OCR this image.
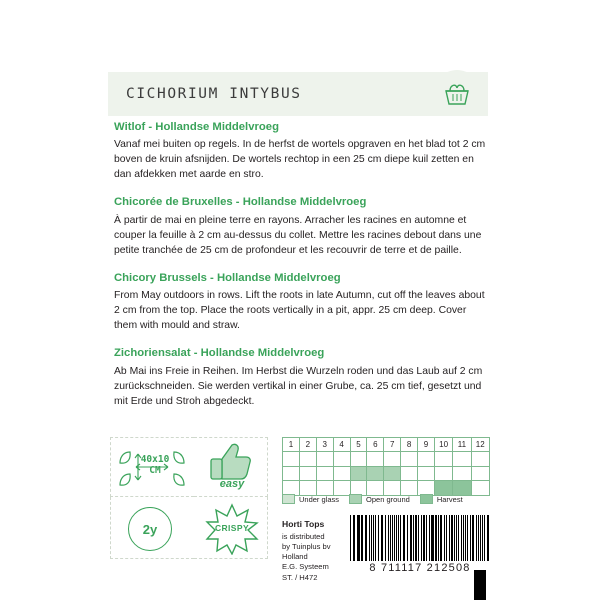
CICHORIUM INTYBUS

Witlof - Hollandse Middelvroeg

Vanaf mei buiten op regels. In de herfst de wortels opgraven en het blad tot 2 cm boven de kruin afsnijden. De wortels rechtop in een 25 cm diepe kuil zetten en dan afdekken met aarde en stro.

Chicorée de Bruxelles - Hollandse Middelvroeg

À partir de mai en pleine terre en rayons. Arracher les racines en automne et couper la feuille à 2 cm au-dessus du collet. Mettre les racines debout dans une petite tranchée de 25 cm de profondeur et les recouvrir de terre et de paille.

Chicory Brussels - Hollandse Middelvroeg

From May outdoors in rows. Lift the roots in late Autumn, cut off the leaves about 2 cm from the top. Place the roots vertically in a pit, appr. 25 cm deep. Cover them with mould and straw.

Zichoriensalat - Hollandse Middelvroeg

Ab Mai ins Freie in Reihen. Im Herbst die Wurzeln roden und das Laub auf 2 cm zurückschneiden. Sie werden vertikal in einer Grube, ca. 25 cm tief, gesetzt und mit Erde und Stroh abgedeckt.

40x10
CM
easy
2y	CRISPY
1	2	3	4	5	6	7	8	9	10	11	12

Under glass	Open ground	Harvest
Horti Tops
is distributed
by Tuinplus bv
Holland
E.G. Systeem
ST. / H472
8 711117 212508
